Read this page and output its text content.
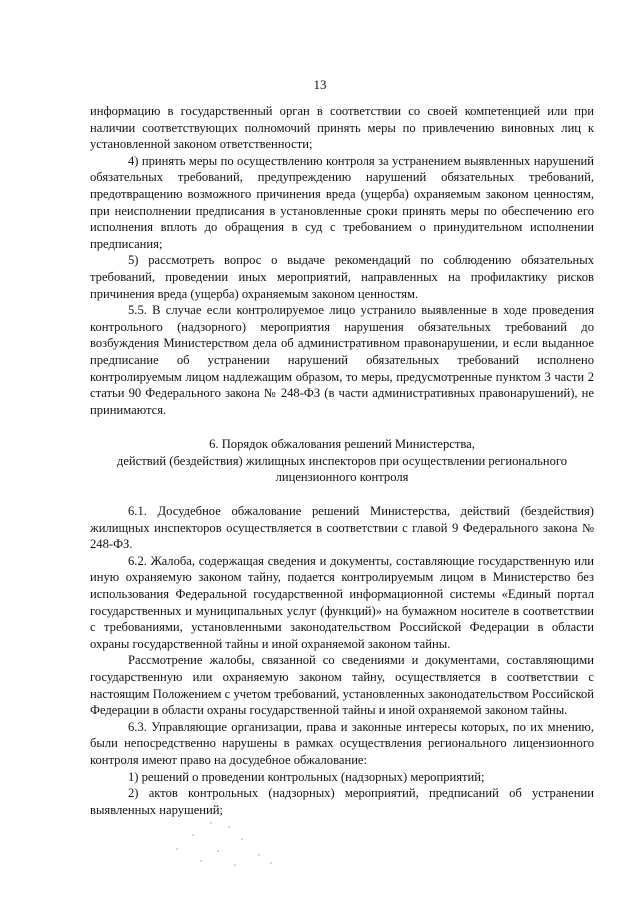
13

информацию в государственный орган в соответствии со своей компетенцией или при наличии соответствующих полномочий принять меры по привлечению виновных лиц к установленной законом ответственности;

4) принять меры по осуществлению контроля за устранением выявленных нарушений обязательных требований, предупреждению нарушений обязательных требований, предотвращению возможного причинения вреда (ущерба) охраняемым законом ценностям, при неисполнении предписания в установленные сроки принять меры по обеспечению его исполнения вплоть до обращения в суд с требованием о принудительном исполнении предписания;

5) рассмотреть вопрос о выдаче рекомендаций по соблюдению обязательных требований, проведении иных мероприятий, направленных на профилактику рисков причинения вреда (ущерба) охраняемым законом ценностям.

5.5. В случае если контролируемое лицо устранило выявленные в ходе проведения контрольного (надзорного) мероприятия нарушения обязательных требований до возбуждения Министерством дела об административном правонарушении, и если выданное предписание об устранении нарушений обязательных требований исполнено контролируемым лицом надлежащим образом, то меры, предусмотренные пунктом 3 части 2 статьи 90 Федерального закона № 248-ФЗ (в части административных правонарушений), не принимаются.

6. Порядок обжалования решений Министерства,
действий (бездействия) жилищных инспекторов при осуществлении регионального
лицензионного контроля

6.1. Досудебное обжалование решений Министерства, действий (бездействия) жилищных инспекторов осуществляется в соответствии с главой 9 Федерального закона № 248-ФЗ.

6.2. Жалоба, содержащая сведения и документы, составляющие государственную или иную охраняемую законом тайну, подается контролируемым лицом в Министерство без использования Федеральной государственной информационной системы «Единый портал государственных и муниципальных услуг (функций)» на бумажном носителе в соответствии с требованиями, установленными законодательством Российской Федерации в области охраны государственной тайны и иной охраняемой законом тайны.

Рассмотрение жалобы, связанной со сведениями и документами, составляющими государственную или охраняемую законом тайну, осуществляется в соответствии с настоящим Положением с учетом требований, установленных законодательством Российской Федерации в области охраны государственной тайны и иной охраняемой законом тайны.

6.3. Управляющие организации, права и законные интересы которых, по их мнению, были непосредственно нарушены в рамках осуществления регионального лицензионного контроля имеют право на досудебное обжалование:

1) решений о проведении контрольных (надзорных) мероприятий;

2) актов контрольных (надзорных) мероприятий, предписаний об устранении выявленных нарушений;
